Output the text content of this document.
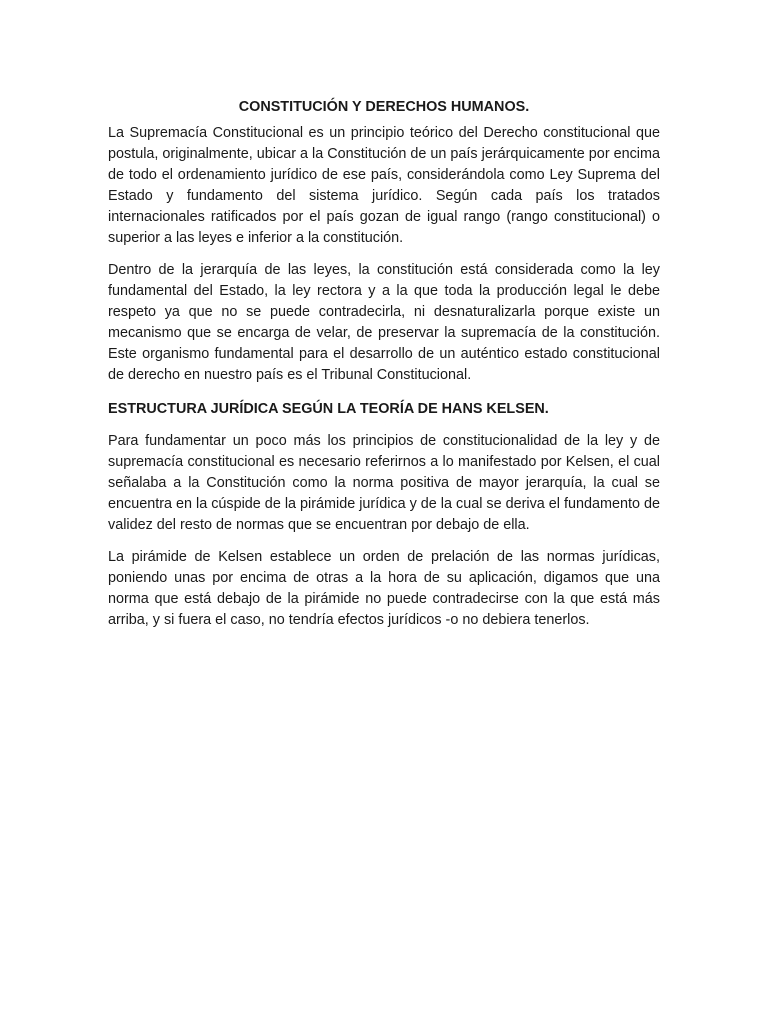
CONSTITUCIÓN Y DERECHOS HUMANOS.

La Supremacía Constitucional es un principio teórico del Derecho constitucional que postula, originalmente, ubicar a la Constitución de un país jerárquicamente por encima de todo el ordenamiento jurídico de ese país, considerándola como Ley Suprema del Estado y fundamento del sistema jurídico. Según cada país los tratados internacionales ratificados por el país gozan de igual rango (rango constitucional) o superior a las leyes e inferior a la constitución.

Dentro de la jerarquía de las leyes, la constitución está considerada como la ley fundamental del Estado, la ley rectora y a la que toda la producción legal le debe respeto ya que no se puede contradecirla, ni desnaturalizarla porque existe un mecanismo que se encarga de velar, de preservar la supremacía de la constitución. Este organismo fundamental para el desarrollo de un auténtico estado constitucional de derecho en nuestro país es el Tribunal Constitucional.

ESTRUCTURA JURÍDICA SEGÚN LA TEORÍA DE HANS KELSEN.

Para fundamentar un poco más los principios de constitucionalidad de la ley y de supremacía constitucional es necesario referirnos a lo manifestado por Kelsen, el cual señalaba a la Constitución como la norma positiva de mayor jerarquía, la cual se encuentra en la cúspide de la pirámide jurídica y de la cual se deriva el fundamento de validez del resto de normas que se encuentran por debajo de ella.

La pirámide de Kelsen establece un orden de prelación de las normas jurídicas, poniendo unas por encima de otras a la hora de su aplicación, digamos que una norma que está debajo de la pirámide no puede contradecirse con la que está más arriba, y si fuera el caso, no tendría efectos jurídicos -o no debiera tenerlos.
